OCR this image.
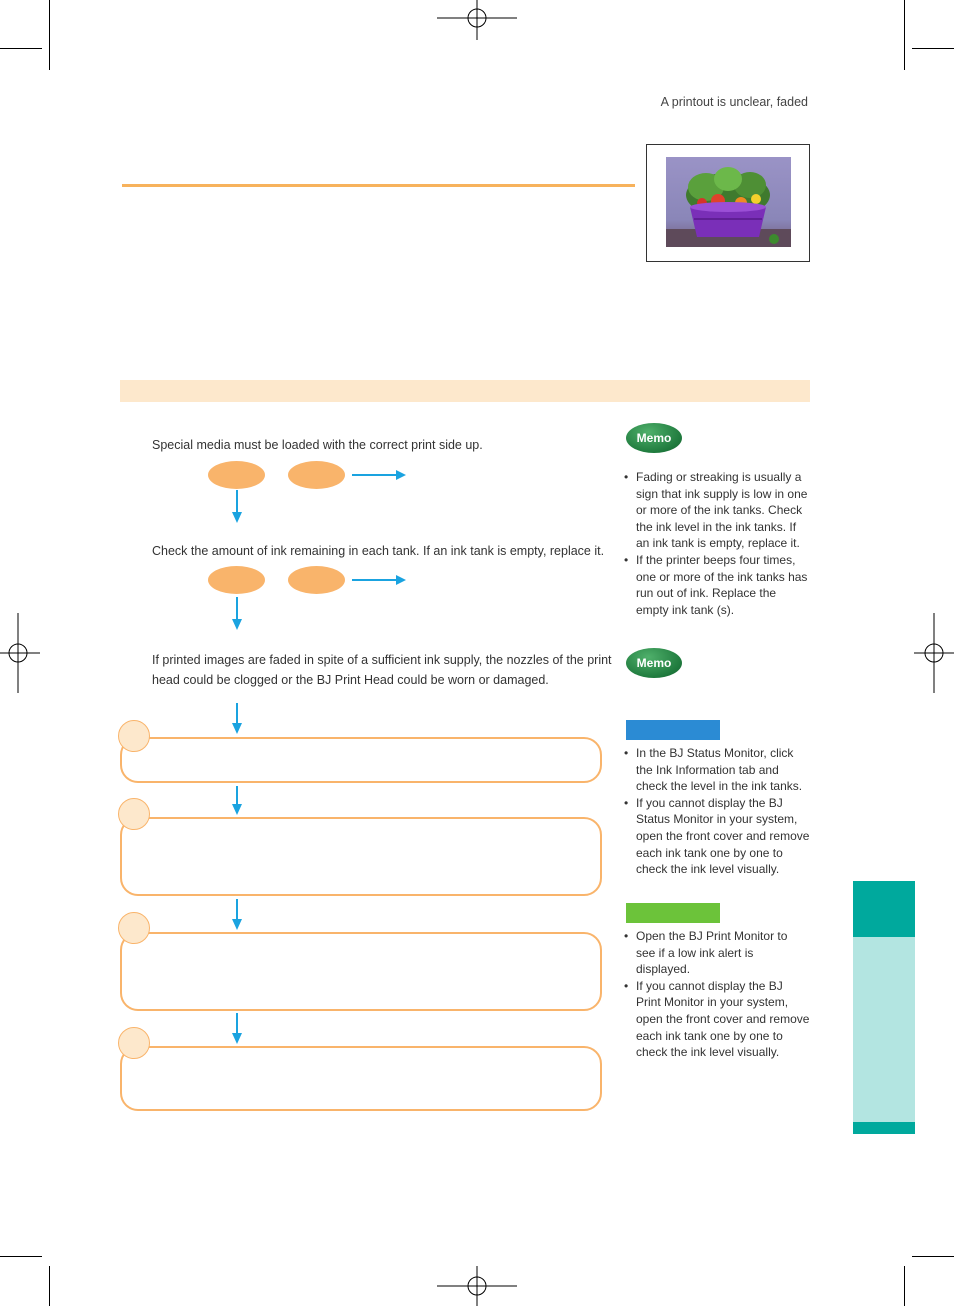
A printout is unclear, faded
Special media must be loaded with the correct print side up.
Check the amount of ink remaining in each tank. If an ink tank is empty, replace it.
If printed images are faded in spite of a sufficient ink supply, the nozzles of the print head could be clogged or the BJ Print Head could be worn or damaged.
Memo
• Fading or streaking is usually a sign that ink supply is low in one or more of the ink tanks. Check the ink level in the ink tanks. If an ink tank is empty, replace it.
• If the printer beeps four times, one or more of the ink tanks has run out of ink. Replace the empty ink tank (s).
Memo
• In the BJ Status Monitor, click the Ink Information tab and check the level in the ink tanks.
• If you cannot display the BJ Status Monitor in your system, open the front cover and remove each ink tank one by one to check the ink level visually.
• Open the BJ Print Monitor to see if a low ink alert is displayed.
• If you cannot display the BJ Print Monitor in your system, open the front cover and remove each ink tank one by one to check the ink level visually.
